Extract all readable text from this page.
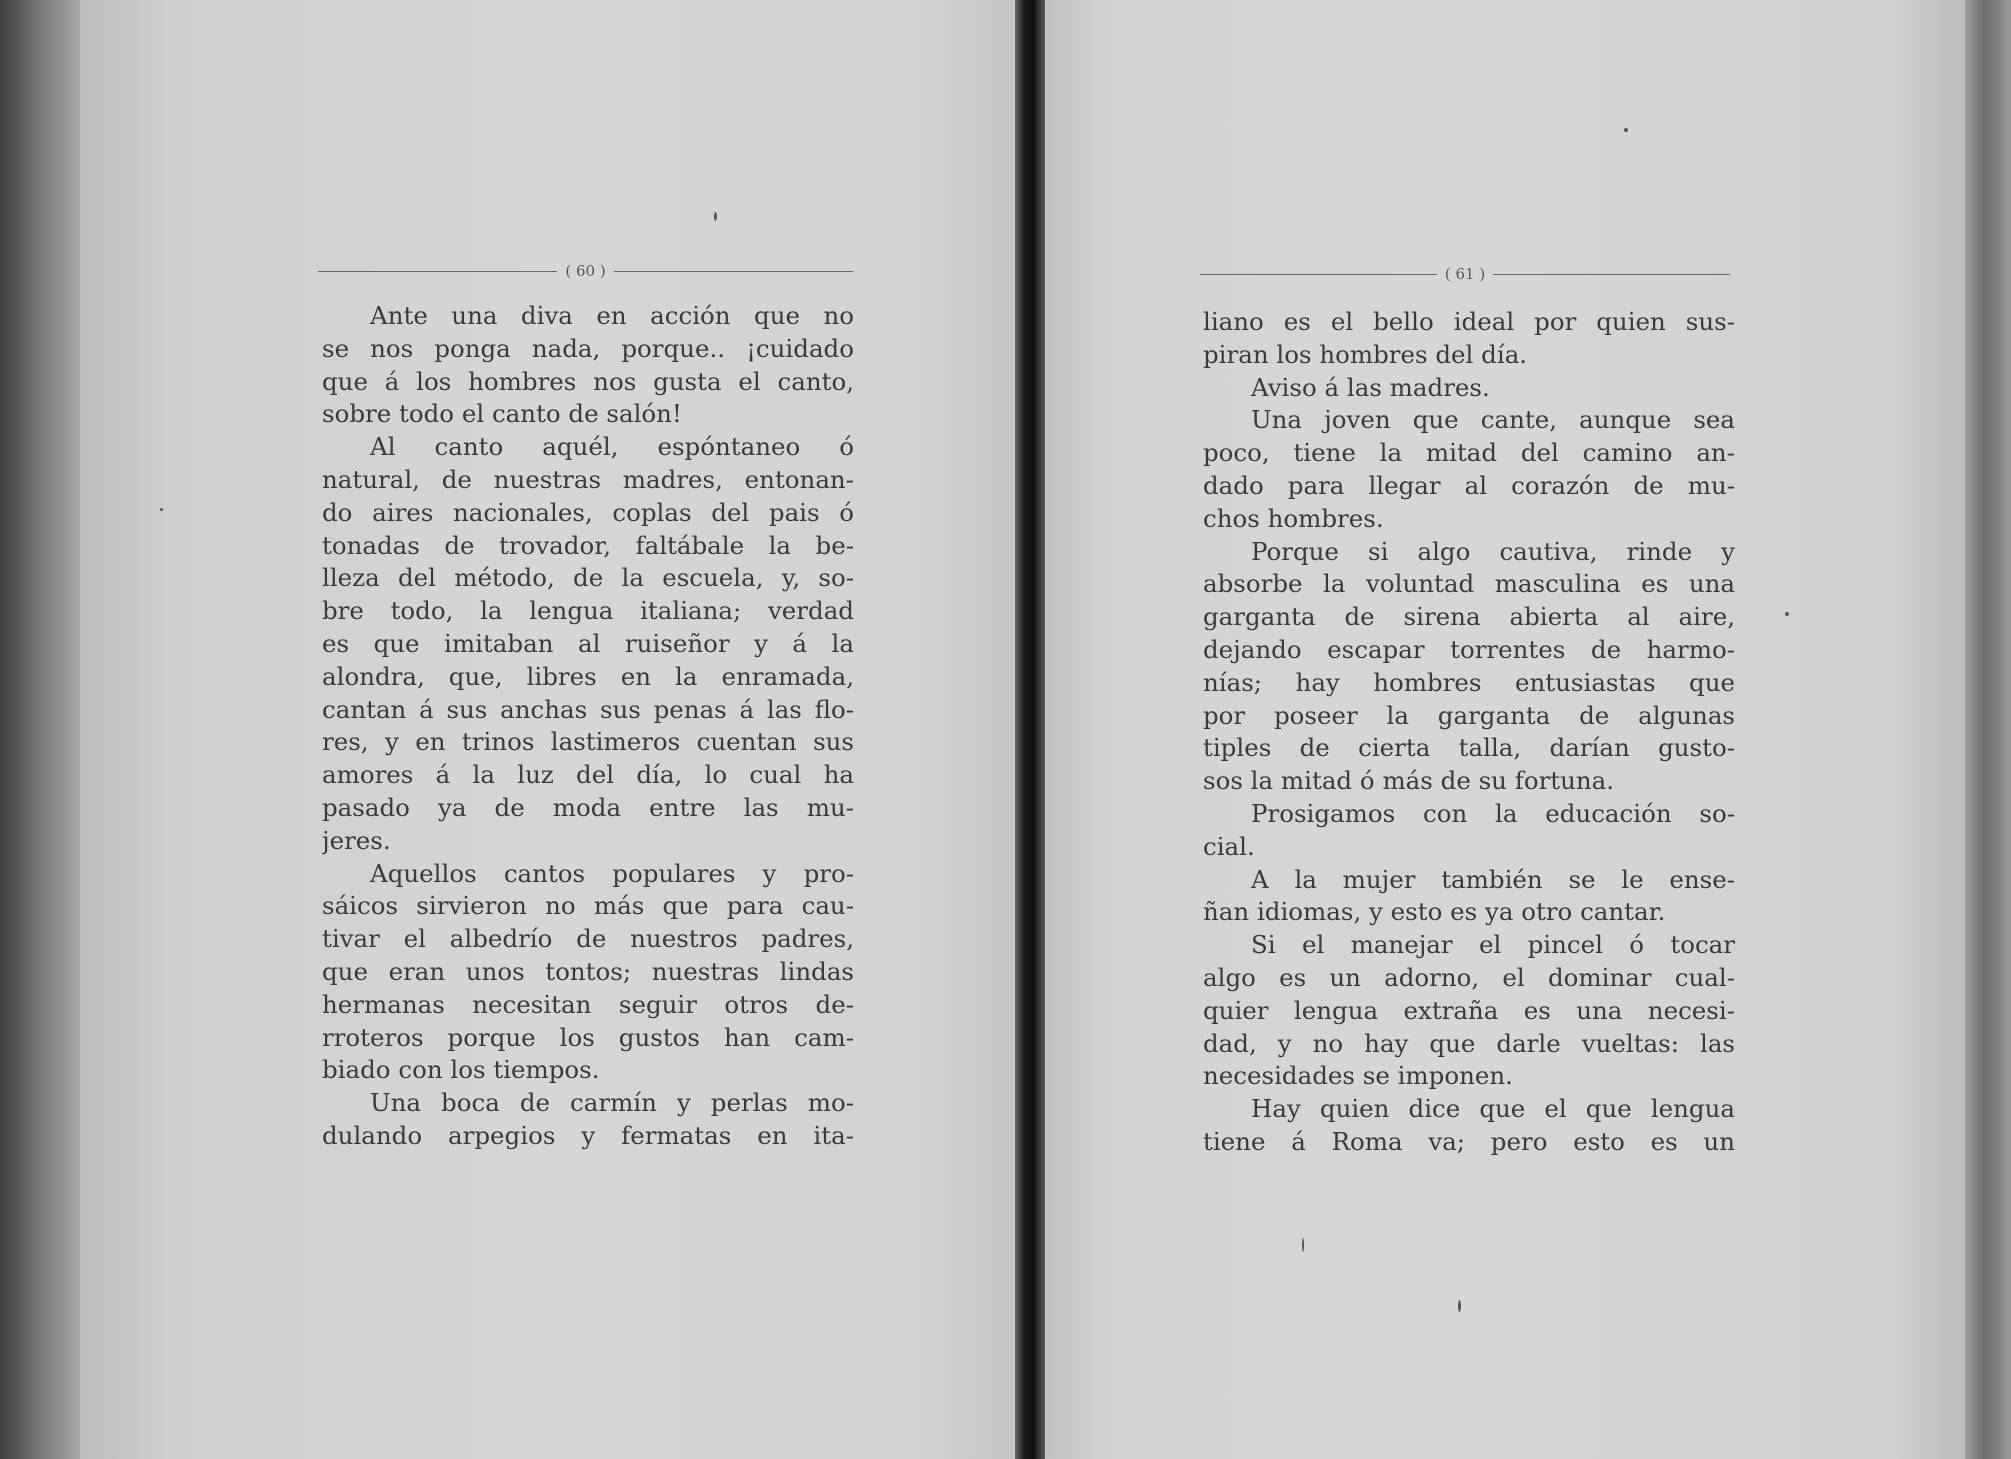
( 60 )
Ante una diva en acción que no
se nos ponga nada, porque.. ¡cuidado
que á los hombres nos gusta el canto,
sobre todo el canto de salón!
Al canto aquél, espóntaneo ó
natural, de nuestras madres, entonan-
do aires nacionales, coplas del pais ó
tonadas de trovador, faltábale la be-
lleza del método, de la escuela, y, so-
bre todo, la lengua italiana; verdad
es que imitaban al ruiseñor y á la
alondra, que, libres en la enramada,
cantan á sus anchas sus penas á las flo-
res, y en trinos lastimeros cuentan sus
amores á la luz del día, lo cual ha
pasado ya de moda entre las mu-
jeres.
Aquellos cantos populares y pro-
sáicos sirvieron no más que para cau-
tivar el albedrío de nuestros padres,
que eran unos tontos; nuestras lindas
hermanas necesitan seguir otros de-
rroteros porque los gustos han cam-
biado con los tiempos.
Una boca de carmín y perlas mo-
dulando arpegios y fermatas en ita-
( 61 )
liano es el bello ideal por quien sus-
piran los hombres del día.
Aviso á las madres.
Una joven que cante, aunque sea
poco, tiene la mitad del camino an-
dado para llegar al corazón de mu-
chos hombres.
Porque si algo cautiva, rinde y
absorbe la voluntad masculina es una
garganta de sirena abierta al aire,
dejando escapar torrentes de harmo-
nías; hay hombres entusiastas que
por poseer la garganta de algunas
tiples de cierta talla, darían gusto-
sos la mitad ó más de su fortuna.
Prosigamos con la educación so-
cial.
A la mujer también se le ense-
ñan idiomas, y esto es ya otro cantar.
Si el manejar el pincel ó tocar
algo es un adorno, el dominar cual-
quier lengua extraña es una necesi-
dad, y no hay que darle vueltas: las
necesidades se imponen.
Hay quien dice que el que lengua
tiene á Roma va; pero esto es un
